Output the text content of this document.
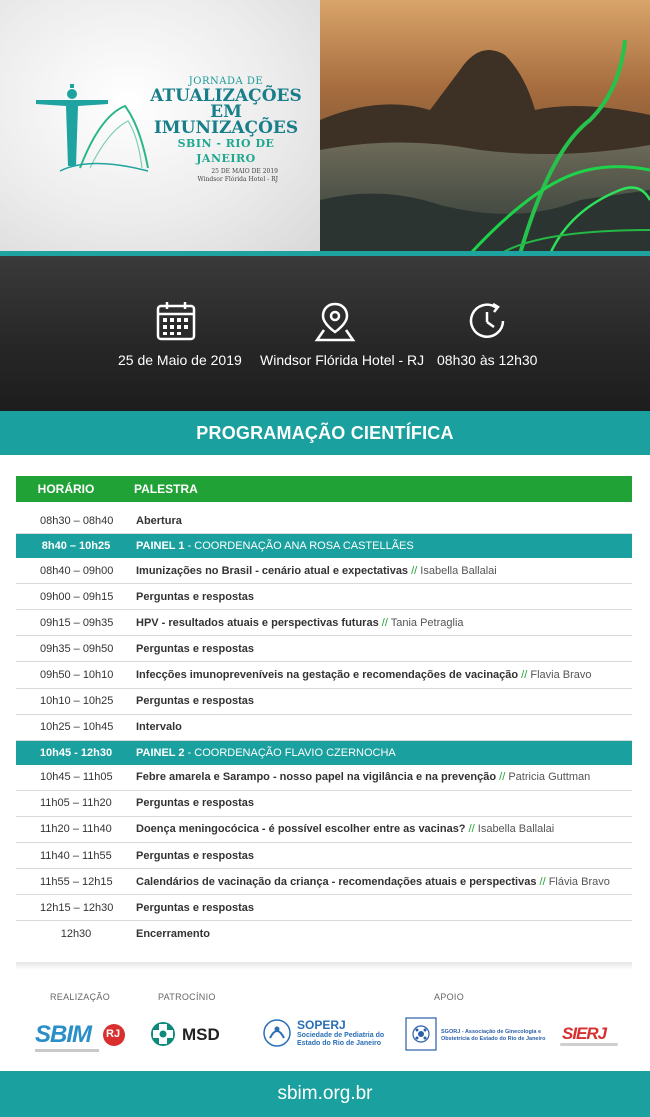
JORNADA DE
ATUALIZAÇÕES
EM IMUNIZAÇÕES
SBIN - RIO DE JANEIRO
25 DE MAIO DE 2019
Windsor Flórida Hotel - RJ
25 de Maio de 2019 Windsor Flórida Hotel - RJ 08h30 às 12h30
PROGRAMAÇÃO CIENTÍFICA
HORÁRIO	PALESTRA
08h30 – 08h40	Abertura
8h40 – 10h25	PAINEL 1 - COORDENAÇÃO ANA ROSA CASTELLÃES
08h40 – 09h00	Imunizações no Brasil - cenário atual e expectativas // Isabella Ballalai
09h00 – 09h15	Perguntas e respostas
09h15 – 09h35	HPV - resultados atuais e perspectivas futuras // Tania Petraglia
09h35 – 09h50	Perguntas e respostas
09h50 – 10h10	Infecções imunopreveníveis na gestação e recomendações de vacinação // Flavia Bravo
10h10 – 10h25	Perguntas e respostas
10h25 – 10h45	Intervalo
10h45 - 12h30	PAINEL 2 - COORDENAÇÃO FLAVIO CZERNOCHA
10h45 – 11h05	Febre amarela e Sarampo - nosso papel na vigilância e na prevenção // Patricia Guttman
11h05 – 11h20	Perguntas e respostas
11h20 – 11h40	Doença meningocócica - é possível escolher entre as vacinas? // Isabella Ballalai
11h40 – 11h55	Perguntas e respostas
11h55 – 12h15	Calendários de vacinação da criança - recomendações atuais e perspectivas // Flávia Bravo
12h15 – 12h30	Perguntas e respostas
12h30	Encerramento
REALIZAÇÃO	PATROCÍNIO	APOIO
SBIM RJ	MSD	SOPERJ
Sociedade de Pediatria do
Estado do Rio de Janeiro
SGORJ - Associação de Ginecologia e
Obstetrícia do Estado do Rio de Janeiro SIERJ
sbim.org.br
